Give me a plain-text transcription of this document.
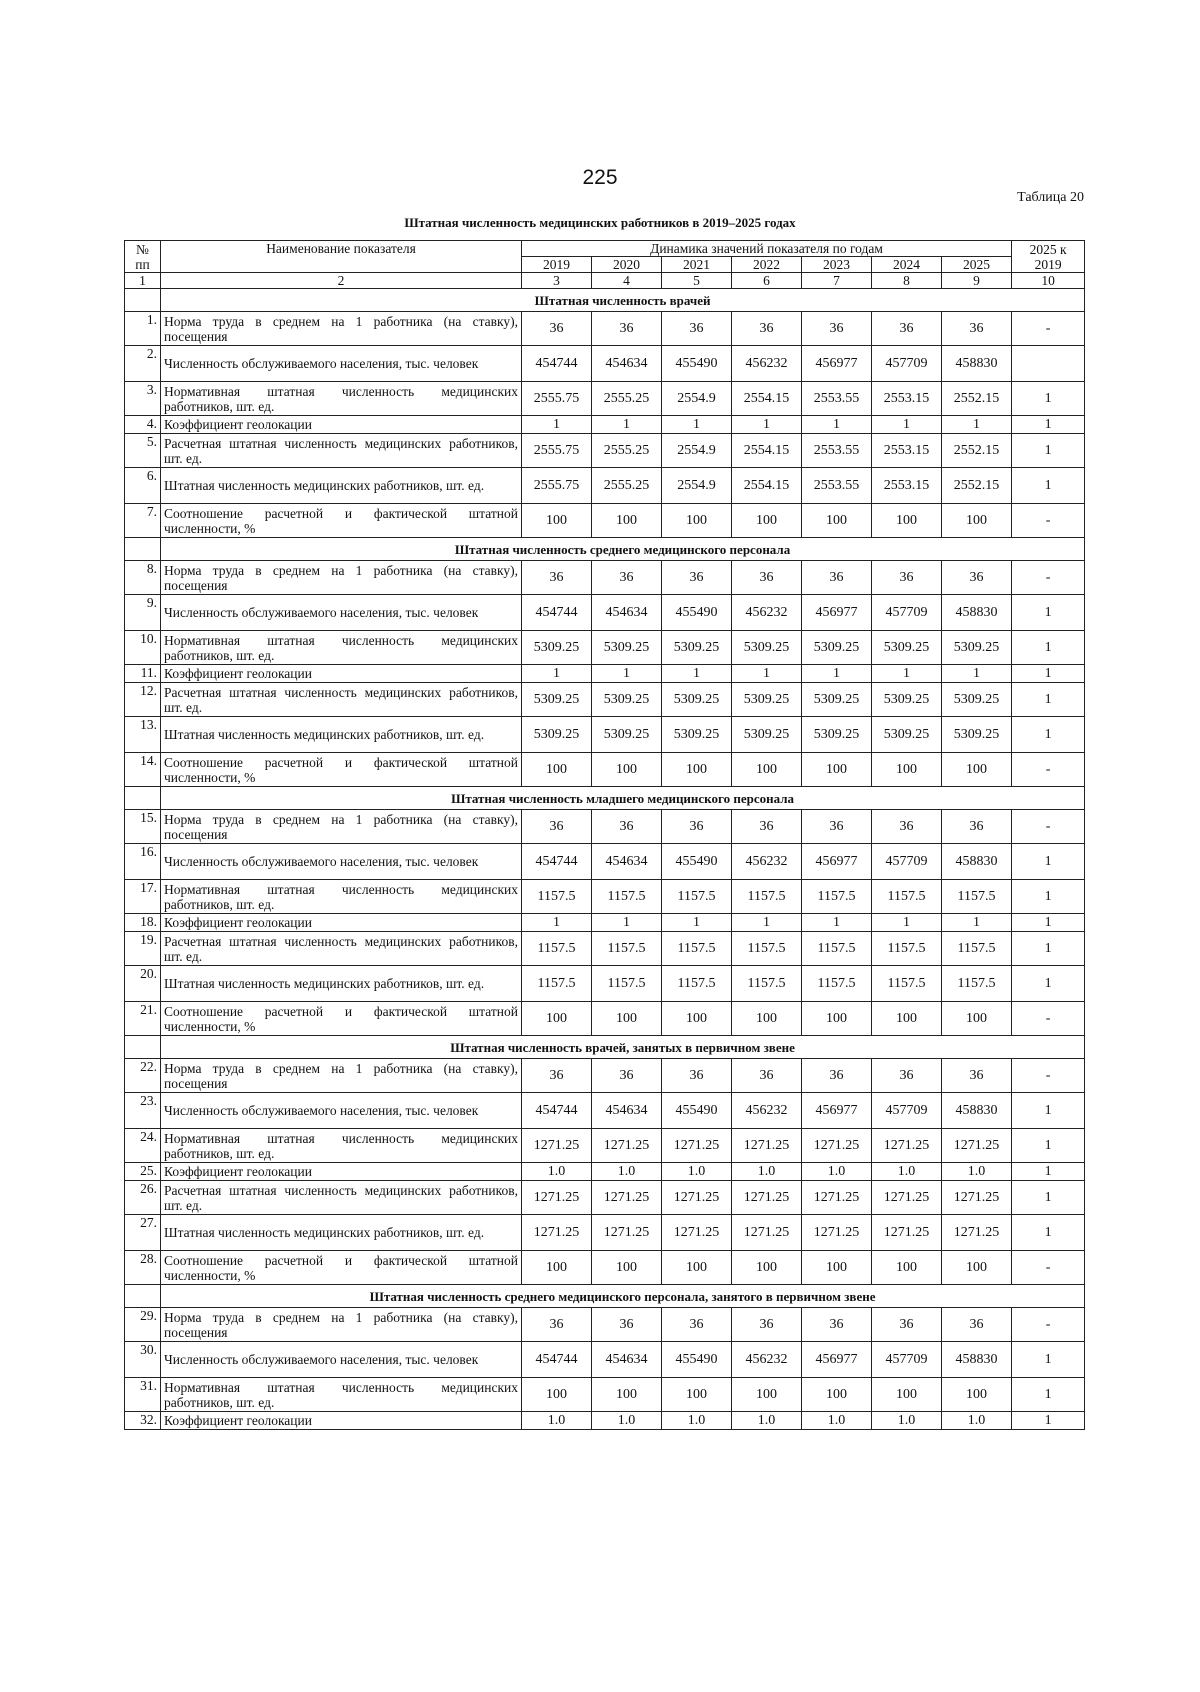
225
Таблица 20
Штатная численность медицинских работников в 2019–2025 годах
№
пп	Наименование показателя	Динамика значений показателя по годам							2025 к
2019
		2019	2020	2021	2022	2023	2024	2025	
1	2	3	4	5	6	7	8	9	10
	Штатная численность врачей								
1.	Норма труда в среднем на 1 работника (на ставку), посещения	36	36	36	36	36	36	36	-
2.	Численность обслуживаемого населения, тыс. человек	454744	454634	455490	456232	456977	457709	458830	
3.	Нормативная штатная численность медицинских работников, шт. ед.	2555.75	2555.25	2554.9	2554.15	2553.55	2553.15	2552.15	1
4.	Коэффициент геолокации	1	1	1	1	1	1	1	1
5.	Расчетная штатная численность медицинских работников, шт. ед.	2555.75	2555.25	2554.9	2554.15	2553.55	2553.15	2552.15	1
6.	Штатная численность медицинских работников, шт. ед.	2555.75	2555.25	2554.9	2554.15	2553.55	2553.15	2552.15	1
7.	Соотношение расчетной и фактической штатной численности, %	100	100	100	100	100	100	100	-
	Штатная численность среднего медицинского персонала								
8.	Норма труда в среднем на 1 работника (на ставку), посещения	36	36	36	36	36	36	36	-
9.	Численность обслуживаемого населения, тыс. человек	454744	454634	455490	456232	456977	457709	458830	1
10.	Нормативная штатная численность медицинских работников, шт. ед.	5309.25	5309.25	5309.25	5309.25	5309.25	5309.25	5309.25	1
11.	Коэффициент геолокации	1	1	1	1	1	1	1	1
12.	Расчетная штатная численность медицинских работников, шт. ед.	5309.25	5309.25	5309.25	5309.25	5309.25	5309.25	5309.25	1
13.	Штатная численность медицинских работников, шт. ед.	5309.25	5309.25	5309.25	5309.25	5309.25	5309.25	5309.25	1
14.	Соотношение расчетной и фактической штатной численности, %	100	100	100	100	100	100	100	-
	Штатная численность младшего медицинского персонала								
15.	Норма труда в среднем на 1 работника (на ставку), посещения	36	36	36	36	36	36	36	-
16.	Численность обслуживаемого населения, тыс. человек	454744	454634	455490	456232	456977	457709	458830	1
17.	Нормативная штатная численность медицинских работников, шт. ед.	1157.5	1157.5	1157.5	1157.5	1157.5	1157.5	1157.5	1
18.	Коэффициент геолокации	1	1	1	1	1	1	1	1
19.	Расчетная штатная численность медицинских работников, шт. ед.	1157.5	1157.5	1157.5	1157.5	1157.5	1157.5	1157.5	1
20.	Штатная численность медицинских работников, шт. ед.	1157.5	1157.5	1157.5	1157.5	1157.5	1157.5	1157.5	1
21.	Соотношение расчетной и фактической штатной численности, %	100	100	100	100	100	100	100	-
	Штатная численность врачей, занятых в первичном звене								
22.	Норма труда в среднем на 1 работника (на ставку), посещения	36	36	36	36	36	36	36	-
23.	Численность обслуживаемого населения, тыс. человек	454744	454634	455490	456232	456977	457709	458830	1
24.	Нормативная штатная численность медицинских работников, шт. ед.	1271.25	1271.25	1271.25	1271.25	1271.25	1271.25	1271.25	1
25.	Коэффициент геолокации	1.0	1.0	1.0	1.0	1.0	1.0	1.0	1
26.	Расчетная штатная численность медицинских работников, шт. ед.	1271.25	1271.25	1271.25	1271.25	1271.25	1271.25	1271.25	1
27.	Штатная численность медицинских работников, шт. ед.	1271.25	1271.25	1271.25	1271.25	1271.25	1271.25	1271.25	1
28.	Соотношение расчетной и фактической штатной численности, %	100	100	100	100	100	100	100	-
	Штатная численность среднего медицинского персонала, занятого в первичном звене								
29.	Норма труда в среднем на 1 работника (на ставку), посещения	36	36	36	36	36	36	36	-
30.	Численность обслуживаемого населения, тыс. человек	454744	454634	455490	456232	456977	457709	458830	1
31.	Нормативная штатная численность медицинских работников, шт. ед.	100	100	100	100	100	100	100	1
32.	Коэффициент геолокации	1.0	1.0	1.0	1.0	1.0	1.0	1.0	1
